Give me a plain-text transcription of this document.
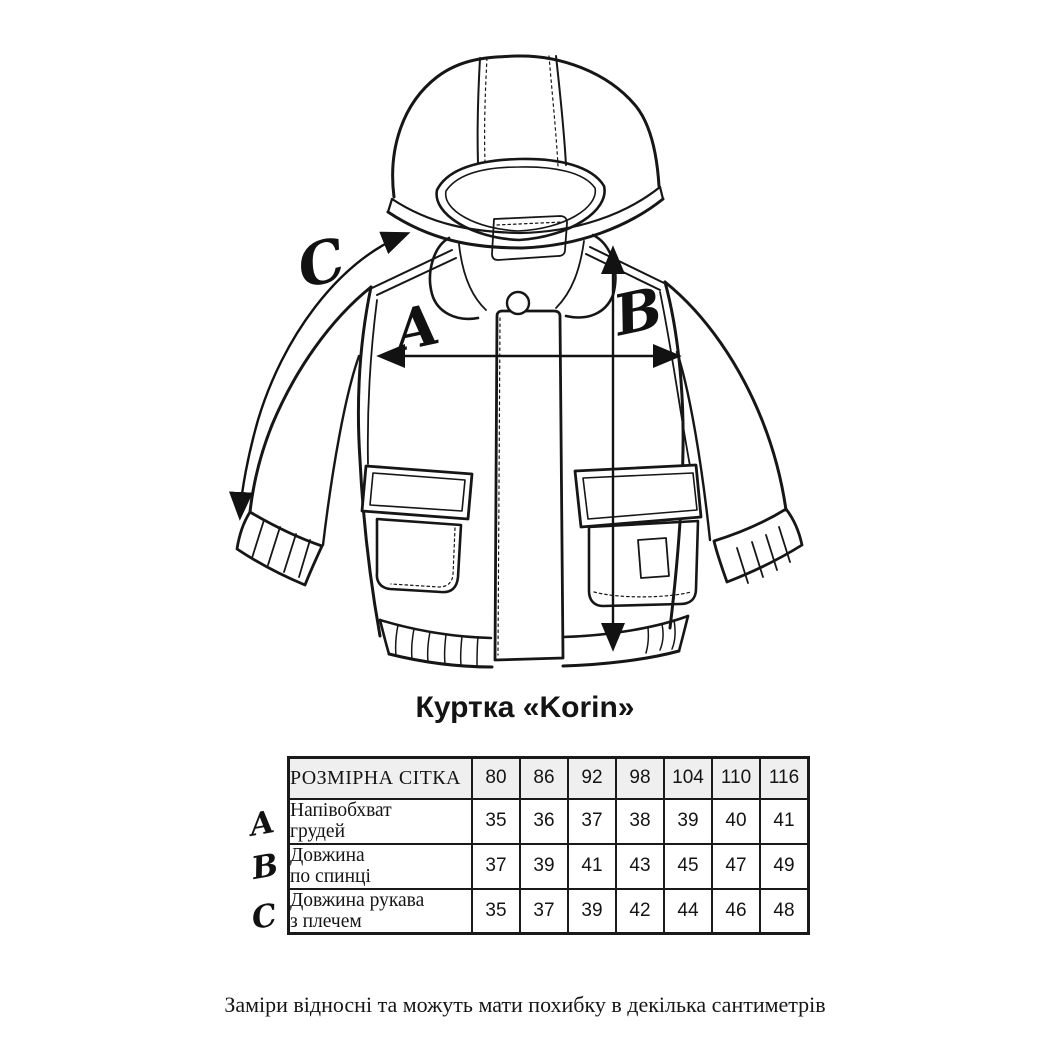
C
A	B
Куртка «Korin»
A
B
C
РОЗМІРНА СІТКА	80	86	92	98	104	110	116

Напівобхват
грудей	35	36	37	38	39	40	41

Довжина
по спинці	37	39	41	43	45	47	49

Довжина рукава
з плечем	35	37	39	42	44	46	48
Заміри відносні та можуть мати похибку в декілька сантиметрів
